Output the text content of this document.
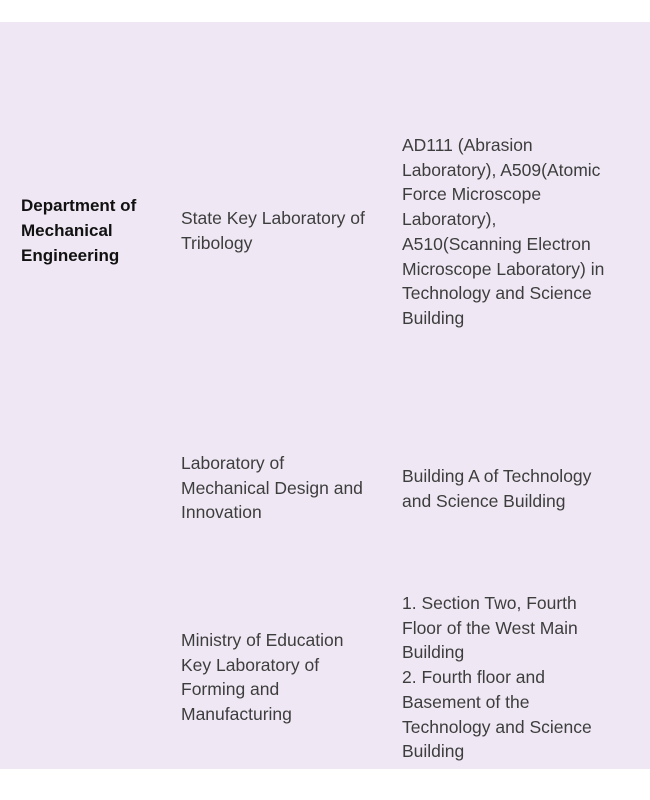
Department of
Mechanical
Engineering
State Key Laboratory of
Tribology
AD111 (Abrasion
Laboratory), A509(Atomic
Force Microscope
Laboratory),
A510(Scanning Electron
Microscope Laboratory) in
Technology and Science
Building
Laboratory of
Mechanical Design and
Innovation
Building A of Technology
and Science Building
Ministry of Education
Key Laboratory of
Forming and
Manufacturing
1. Section Two, Fourth
Floor of the West Main
Building
2. Fourth floor and
Basement of the
Technology and Science
Building
